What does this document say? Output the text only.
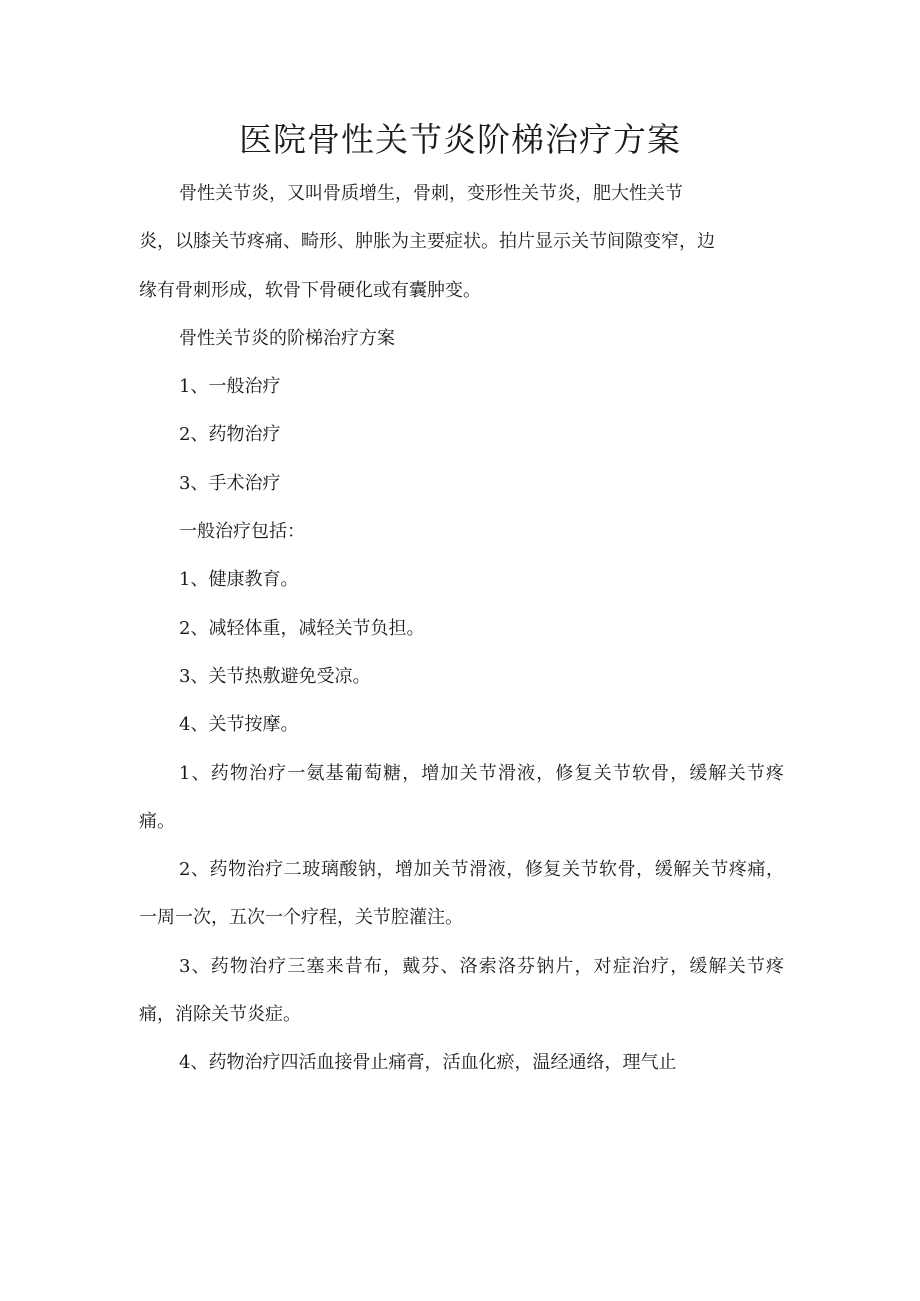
医院骨性关节炎阶梯治疗方案

骨性关节炎，又叫骨质增生，骨刺，变形性关节炎，肥大性关节

炎，以膝关节疼痛、畸形、肿胀为主要症状。拍片显示关节间隙变窄，边

缘有骨刺形成，软骨下骨硬化或有囊肿变。

骨性关节炎的阶梯治疗方案

1、一般治疗

2、药物治疗

3、手术治疗

一般治疗包括：

1、健康教育。

2、减轻体重，减轻关节负担。

3、关节热敷避免受凉。

4、关节按摩。

1、药物治疗一氨基葡萄糖，增加关节滑液，修复关节软骨，缓解关节疼痛。

2、药物治疗二玻璃酸钠，增加关节滑液，修复关节软骨，缓解关节疼痛，一周一次，五次一个疗程，关节腔灌注。

3、药物治疗三塞来昔布，戴芬、洛索洛芬钠片，对症治疗，缓解关节疼痛，消除关节炎症。

4、药物治疗四活血接骨止痛膏，活血化瘀，温经通络，理气止
